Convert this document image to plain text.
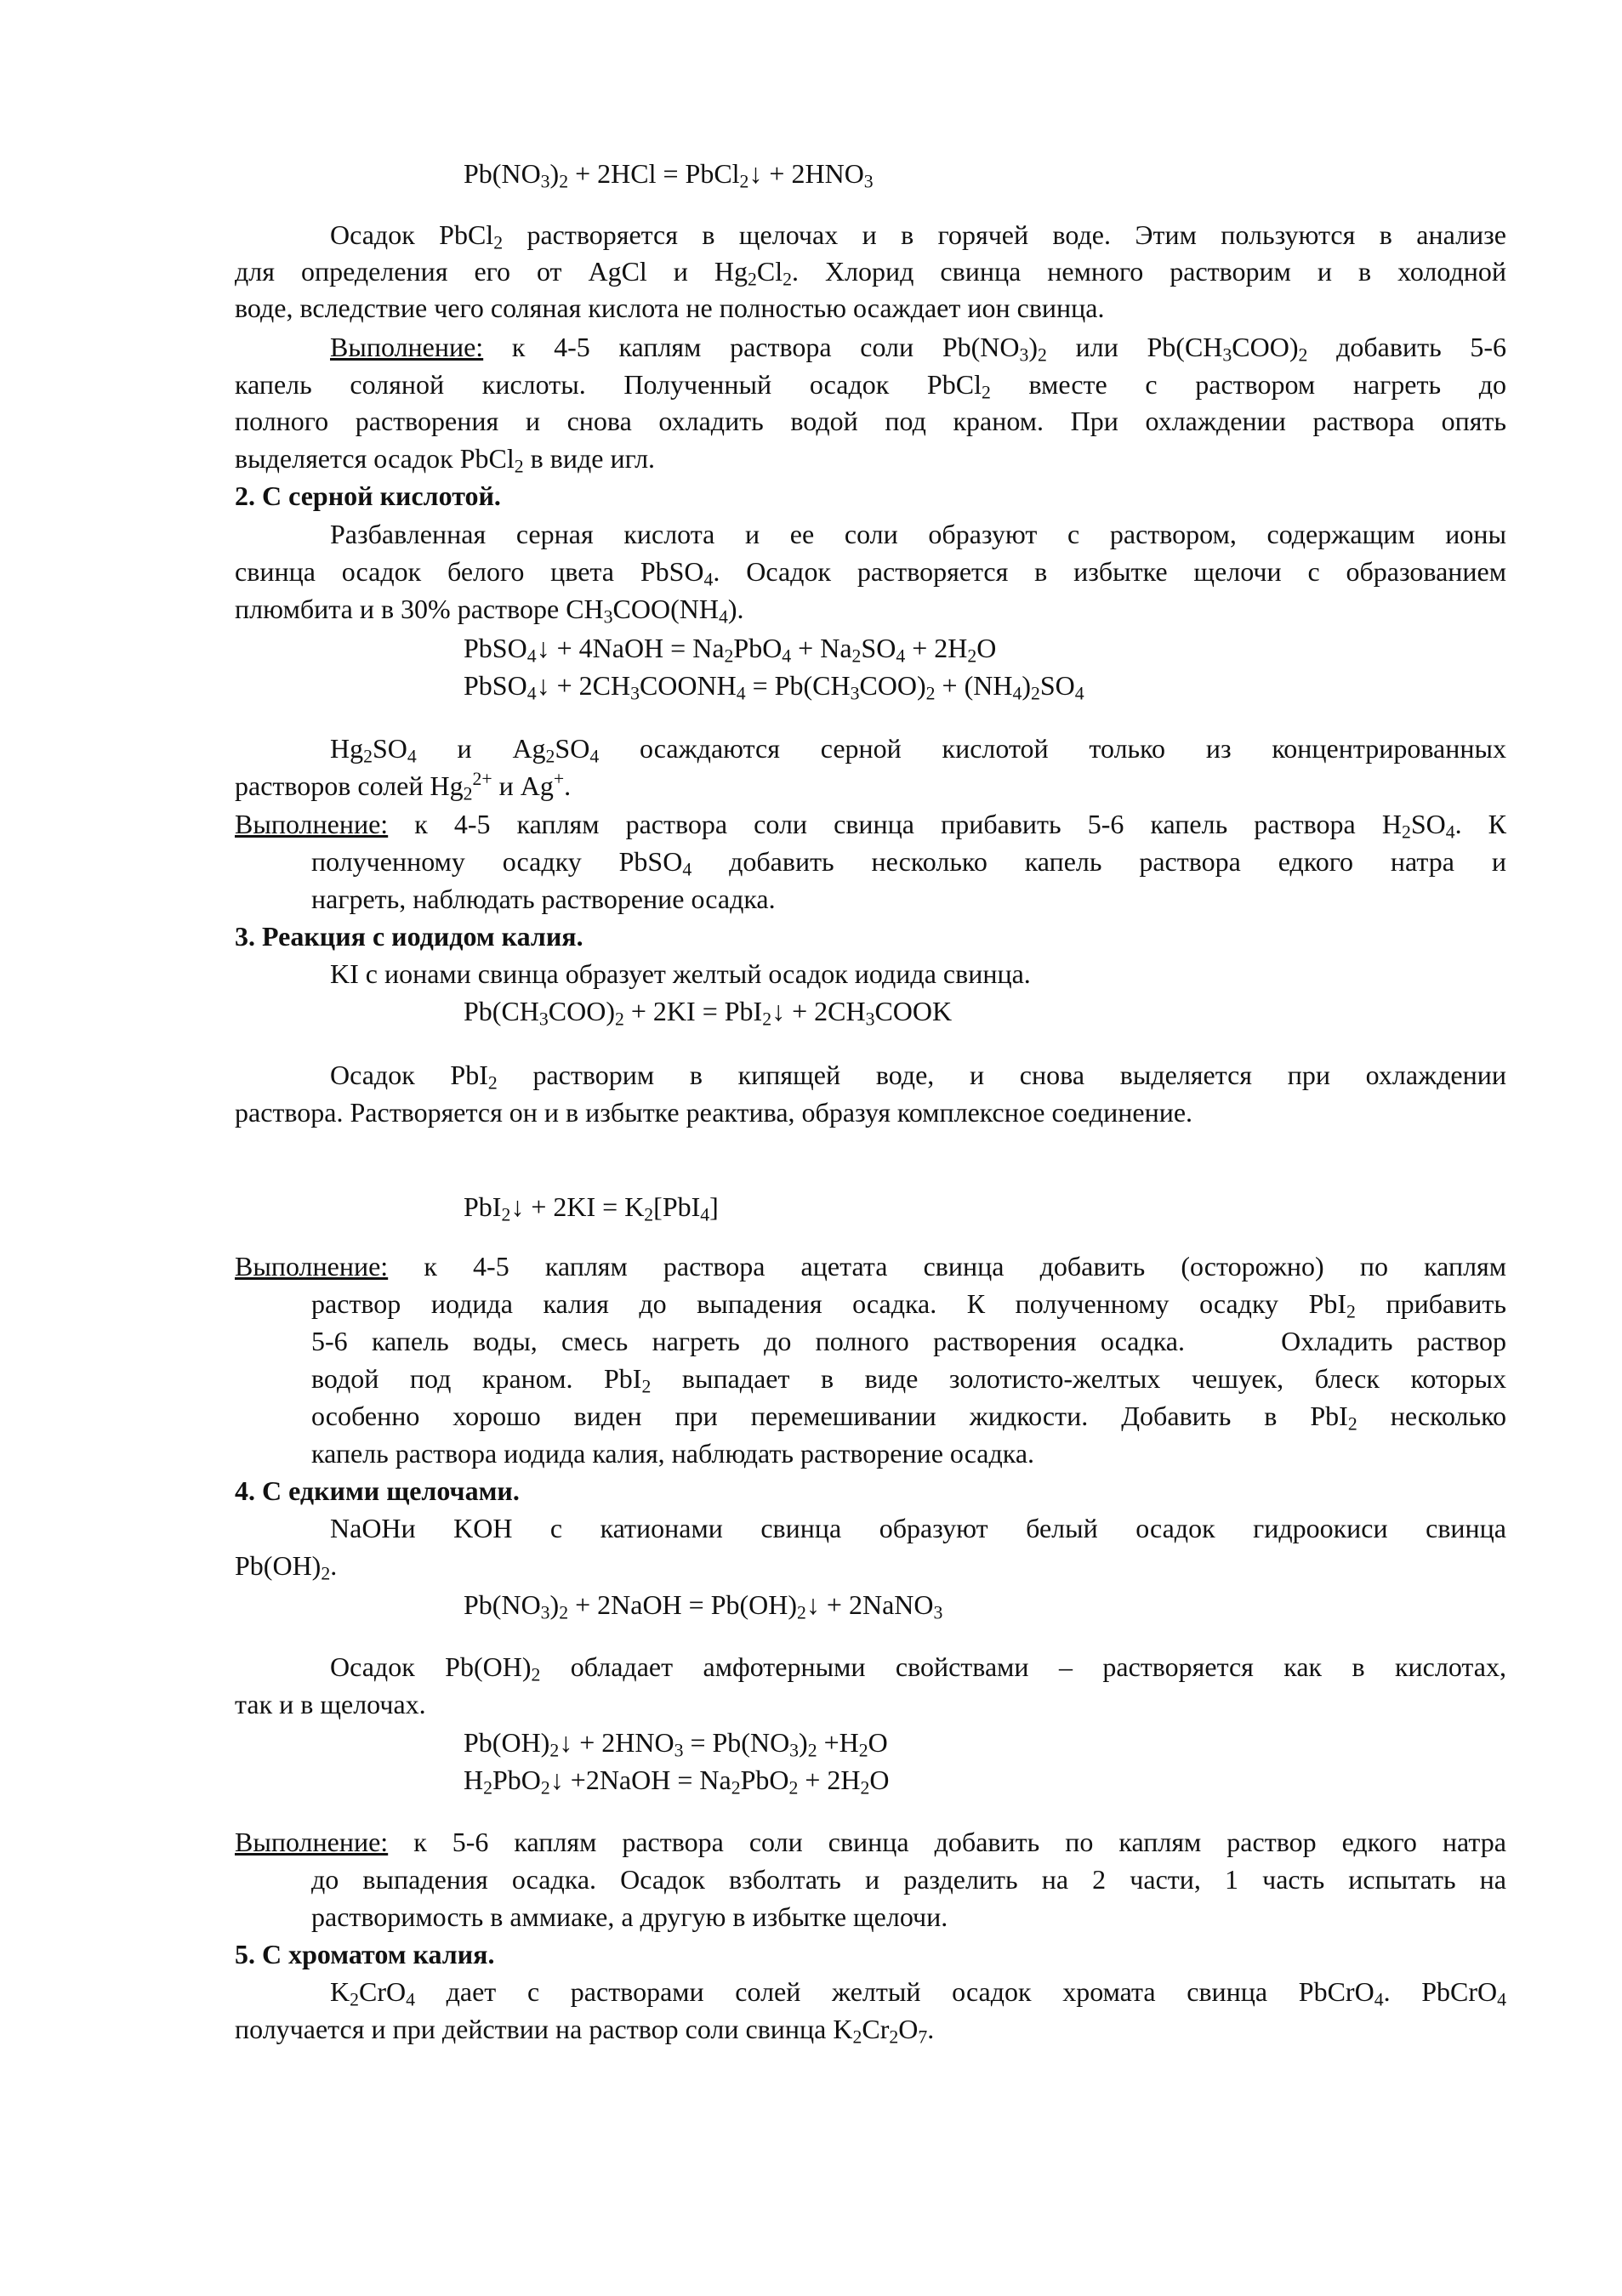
$Pb(NO_3)_2 + 2HCl$ = PbCl$_2$↓ + $2HNO_3$
Осадок PbCl$_2$ растворяется в щелочах и в горячей воде. Этим пользуются в анализе
для определения его от AgCl и $Hg_2Cl_2$. Хлорид свинца немного растворим и в холодной
воде, вследствие чего соляная кислота не полностью осаждает ион свинца.
Выполнение: к 4-5 каплям раствора соли $Pb(NO_3)_2$ или $Pb(CH_3COO)_2$ добавить 5-6
капель соляной кислоты. Полученный осадок PbCl$_2$ вместе с раствором нагреть до
полного растворения и снова охладить водой под краном. При охлаждении раствора опять
выделяется осадок PbCl$_2$ в виде игл.
2. С серной кислотой.
Разбавленная серная кислота и ее соли образуют с раствором, содержащим ионы
свинца осадок белого цвета PbSO$_4$. Осадок растворяется в избытке щелочи с образованием
плюмбита и в 30% растворе $CH_3COO(NH_4)$.
PbSO$_4$↓ + 4NaOH = $Na_2PbO_4 + Na_2SO_4 + 2H_2O$
PbSO$_4$↓ + $2CH_3COONH_4 = Pb(CH_3COO)_2 + (NH_4)_2SO_4$
$Hg_2SO_4$ и $Ag_2SO_4$ осаждаются серной кислотой только из концентрированных
растворов солей $Hg_2^{2+}$ и Ag+.
Выполнение: к 4-5 каплям раствора соли свинца прибавить 5-6 капель раствора $H_2SO_4$. К
полученному осадку PbSO$_4$ добавить несколько капель раствора едкого натра и
нагреть, наблюдать растворение осадка.
3. Реакция с иодидом калия.
KI с ионами свинца образует желтый осадок иодида свинца.
$Pb(CH_3COO)_2 + 2KI$ = PbI$_2$↓ + $2CH_3COOK$
Осадок PbI$_2$ растворим в кипящей воде, и снова выделяется при охлаждении
раствора. Растворяется он и в избытке реактива, образуя комплексное соединение.
PbI$_2$↓ + $2KI = K_2[PbI_4]$
Выполнение: к 4-5 каплям раствора ацетата свинца добавить (осторожно) по каплям
раствор иодида калия до выпадения осадка. К полученному осадку PbI$_2$ прибавить
5-6 капель воды, смесь нагреть до полного растворения осадка.    Охладить раствор
водой под краном. PbI$_2$ выпадает в виде золотисто-желтых чешуек, блеск которых
особенно хорошо виден при перемешивании жидкости. Добавить в PbI$_2$ несколько
капель раствора иодида калия, наблюдать растворение осадка.
4. С едкими щелочами.
NaOHи KOH с катионами свинца образуют белый осадок гидроокиси свинца
$Pb(OH)_2$.
$Pb(NO_3)_2$ + 2NaOH = $Pb(OH)_2↓$ + 2NaNO$_3$
Осадок $Pb(OH)_2$ обладает амфотерными свойствами – растворяется как в кислотах,
так и в щелочах.
$Pb(OH)_2↓ + 2HNO_3 = Pb(NO_3)_2 +H_2O$
$H_2PbO_2↓$ +2NaOH = $Na_2PbO_2 + 2H_2O$
Выполнение: к 5-6 каплям раствора соли свинца добавить по каплям раствор едкого натра
до выпадения осадка. Осадок взболтать и разделить на 2 части, 1 часть испытать на
растворимость в аммиаке, а другую в избытке щелочи.
5. С хроматом калия.
$K_2CrO_4$ дает с растворами солей желтый осадок хромата свинца PbCrO$_4$. PbCrO$_4$
получается и при действии на раствор соли свинца $K_2Cr_2O_7$.
